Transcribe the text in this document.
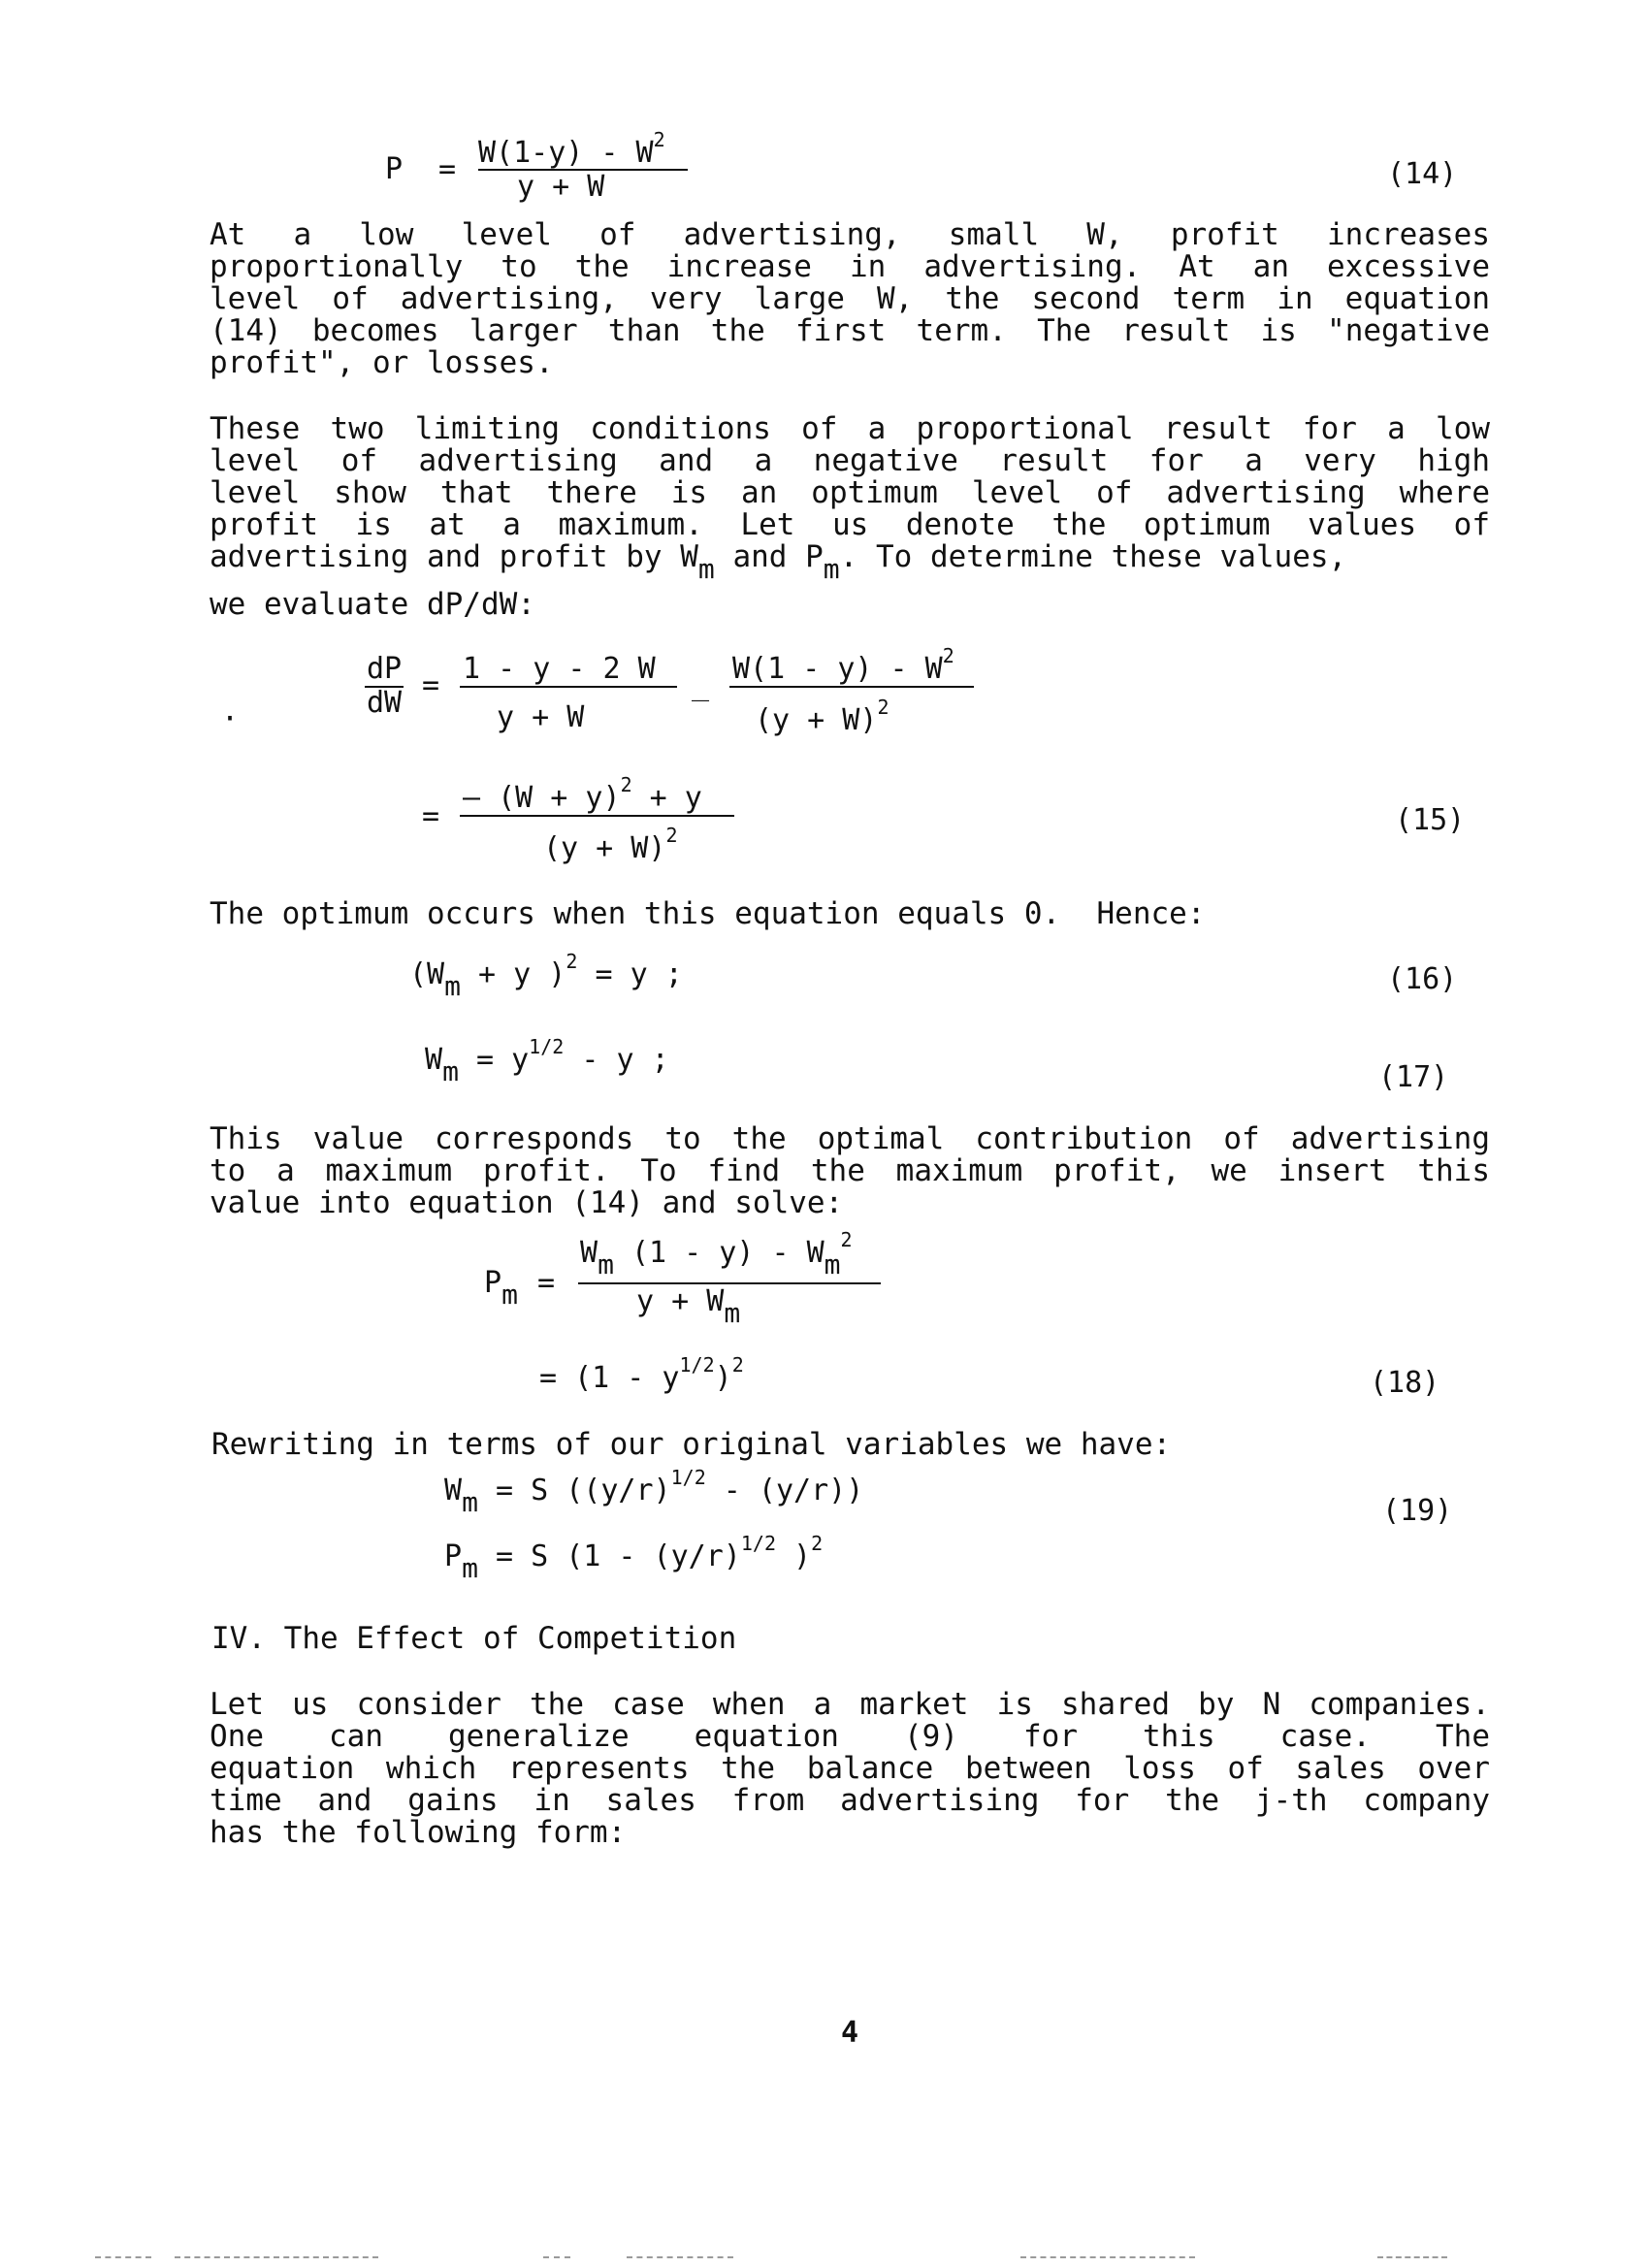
$P = W(1-y) - W^2$
y + W	(14)
At a low level of advertising, small W, profit increases
proportionally to the increase in advertising. At an excessive
level of advertising, very large W, the second term in equation
(14) becomes larger than the first term. The result is "negative
profit", or losses.
These two limiting conditions of a proportional result for a low
level of advertising and a negative result for a very high
level show that there is an optimum level of advertising where
profit is at a maximum. Let us denote the optimum values of
advertising and profit by Wm and Pm. To determine these values,
we evaluate dP/dW:
dP
dW
= 1 - y - 2 W
y + W
_ $W(1 - y) - W^2$
$(y + W)^2$
·
=
– $(W + y)^2 + y$
$(y + W)^2$	(15)
The optimum occurs when this equation equals 0.  Hence:
(Wm + y )$^2$ = y ;	(16)
$Wm = y^{1/2} - y$ ;
(17)
This value corresponds to the optimal contribution of advertising
to a maximum profit. To find the maximum profit, we insert this
value into equation (14) and solve:
Pm =
Wm (1 - y) - Wm$^2$
y + Wm
= $(1 - y^{1/2})^2$
(18)
Rewriting in terms of our original variables we have:
Wm = S $((y/r)^{1/2} - (y/r))$
Pm = S ($1 - (y/r)^{1/2}$ )$^2$
(19)
IV. The Effect of Competition
Let us consider the case when a market is shared by N companies.
One can generalize equation (9) for this case. The
equation which represents the balance between loss of sales over
time and gains in sales from advertising for the j-th company
has the following form:
4
